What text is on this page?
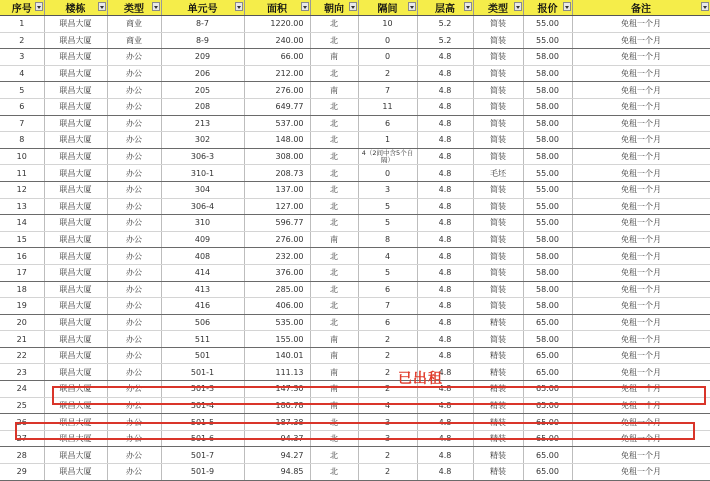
序号	楼栋	类型	单元号	面积	朝向	隔间	层高	类型	报价	备注

1	联昌大厦	商业	8-7	1220.00	北	10	5.2	简装	55.00	免租一个月
2	联昌大厦	商业	8-9	240.00	北	0	5.2	简装	55.00	免租一个月
3	联昌大厦	办公	209	66.00	南	0	4.8	简装	58.00	免租一个月
4	联昌大厦	办公	206	212.00	北	2	4.8	简装	58.00	免租一个月
5	联昌大厦	办公	205	276.00	南	7	4.8	简装	58.00	免租一个月
6	联昌大厦	办公	208	649.77	北	11	4.8	简装	58.00	免租一个月
7	联昌大厦	办公	213	537.00	北	6	4.8	简装	58.00	免租一个月
8	联昌大厦	办公	302	148.00	北	1	4.8	简装	58.00	免租一个月
10	联昌大厦	办公	306-3	308.00	北	4（2间中含5个自隔）	4.8	简装	58.00	免租一个月
11	联昌大厦	办公	310-1	208.73	北	0	4.8	毛坯	55.00	免租一个月
12	联昌大厦	办公	304	137.00	北	3	4.8	简装	55.00	免租一个月
13	联昌大厦	办公	306-4	127.00	北	5	4.8	简装	55.00	免租一个月
14	联昌大厦	办公	310	596.77	北	5	4.8	简装	55.00	免租一个月
15	联昌大厦	办公	409	276.00	南	8	4.8	简装	58.00	免租一个月
16	联昌大厦	办公	408	232.00	北	4	4.8	简装	58.00	免租一个月
17	联昌大厦	办公	414	376.00	北	5	4.8	简装	58.00	免租一个月
18	联昌大厦	办公	413	285.00	北	6	4.8	简装	58.00	免租一个月
19	联昌大厦	办公	416	406.00	北	7	4.8	简装	58.00	免租一个月
20	联昌大厦	办公	506	535.00	北	6	4.8	精装	65.00	免租一个月
21	联昌大厦	办公	511	155.00	南	2	4.8	简装	58.00	免租一个月
22	联昌大厦	办公	501	140.01	南	2	4.8	精装	65.00	免租一个月
23	联昌大厦	办公	501-1	111.13	南	2	4.8	精装	65.00	免租一个月
24	联昌大厦	办公	501-3	147.30	南	2	4.8	精装	65.00	免租一个月
25	联昌大厦	办公	501-4	180.78	南	4	4.8	精装	65.00	免租一个月
26	联昌大厦	办公	501-5	187.38	北	3	4.8	精装	65.00	免租一个月
27	联昌大厦	办公	501-6	94.37	北	3	4.8	精装	65.00	免租一个月
28	联昌大厦	办公	501-7	94.27	北	2	4.8	精装	65.00	免租一个月
29	联昌大厦	办公	501-9	94.85	北	2	4.8	精装	65.00	免租一个月
已出租
